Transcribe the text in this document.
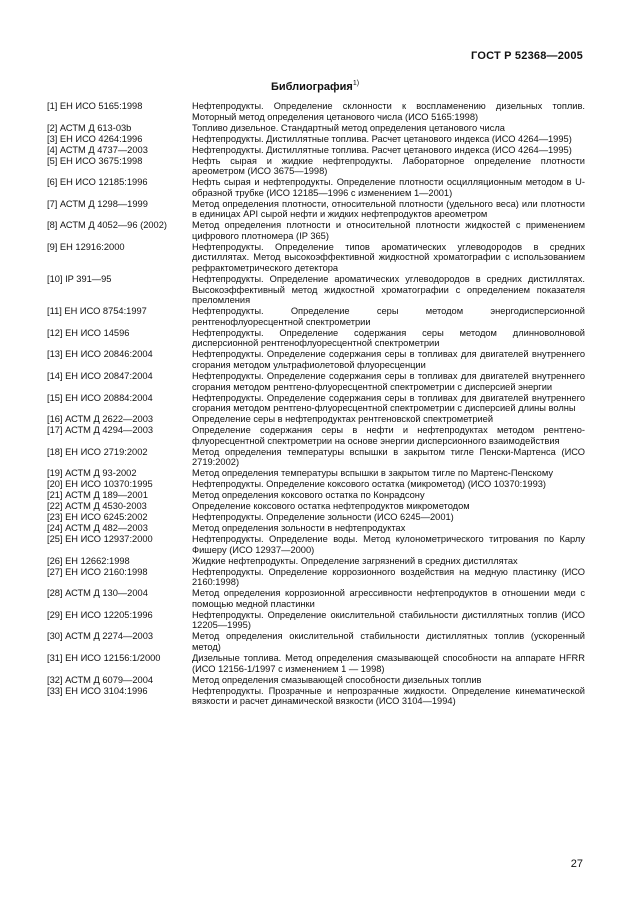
ГОСТ Р 52368—2005
Библиография$^{1)}$
[1] ЕН ИСО 5165:1998	Нефтепродукты. Определение склонности к воспламенению дизельных топлив. Моторный метод определения цетанового числа (ИСО 5165:1998)
[2] АСТМ Д 613-03b	Топливо дизельное. Стандартный метод определения цетанового числа
[3] ЕН ИСО 4264:1996	Нефтепродукты. Дистиллятные топлива. Расчет цетанового индекса (ИСО 4264—1995)
[4] АСТМ Д 4737—2003	Нефтепродукты. Дистиллятные топлива. Расчет цетанового индекса (ИСО 4264—1995)
[5] ЕН ИСО 3675:1998	Нефть сырая и жидкие нефтепродукты. Лабораторное определение плотности ареометром (ИСО 3675—1998)
[6] ЕН ИСО 12185:1996	Нефть сырая и нефтепродукты. Определение плотности осцилляционным методом в U-образной трубке (ИСО 12185—1996 с изменением 1—2001)
[7] АСТМ Д 1298—1999	Метод определения плотности, относительной плотности (удельного веса) или плотности в единицах API сырой нефти и жидких нефтепродуктов ареометром
[8] АСТМ Д 4052—96 (2002)	Метод определения плотности и относительной плотности жидкостей с применением цифрового плотномера (IP 365)
[9] ЕН 12916:2000	Нефтепродукты. Определение типов ароматических углеводородов в средних дистиллятах. Метод высокоэффективной жидкостной хроматографии с использованием рефрактометрического детектора
[10] IP 391—95	Нефтепродукты. Определение ароматических углеводородов в средних дистиллятах. Высокоэффективный метод жидкостной хроматографии с определением показателя преломления
[11] ЕН ИСО 8754:1997	Нефтепродукты. Определение серы методом энергодисперсионной рентгенофлуоресцентной спектрометрии
[12] ЕН ИСО 14596	Нефтепродукты. Определение содержания серы методом длинноволновой дисперсионной рентгенофлуоресцентной спектрометрии
[13] ЕН ИСО 20846:2004	Нефтепродукты. Определение содержания серы в топливах для двигателей внутреннего сгорания методом ультрафиолетовой флуоресценции
[14] ЕН ИСО 20847:2004	Нефтепродукты. Определение содержания серы в топливах для двигателей внутреннего сгорания методом рентгено-флуоресцентной спектрометрии с дисперсией энергии
[15] ЕН ИСО 20884:2004	Нефтепродукты. Определение содержания серы в топливах для двигателей внутреннего сгорания методом рентгено-флуоресцентной спектрометрии с дисперсией длины волны
[16] АСТМ Д 2622—2003	Определение серы в нефтепродуктах рентгеновской спектрометрией
[17] АСТМ Д 4294—2003	Определение содержания серы в нефти и нефтепродуктах методом рентгено-флуоресцентной спектрометрии на основе энергии дисперсионного взаимодействия
[18] ЕН ИСО 2719:2002	Метод определения температуры вспышки в закрытом тигле Пенски-Мартенса (ИСО 2719:2002)
[19] АСТМ Д 93-2002	Метод определения температуры вспышки в закрытом тигле по Мартенс-Пенскому
[20] ЕН ИСО 10370:1995	Нефтепродукты. Определение коксового остатка (микрометод) (ИСО 10370:1993)
[21] АСТМ Д 189—2001	Метод определения коксового остатка по Конрадсону
[22] АСТМ Д 4530-2003	Определение коксового остатка нефтепродуктов микрометодом
[23] ЕН ИСО 6245:2002	Нефтепродукты. Определение зольности (ИСО 6245—2001)
[24] АСТМ Д 482—2003	Метод определения зольности в нефтепродуктах
[25] ЕН ИСО 12937:2000	Нефтепродукты. Определение воды. Метод кулонометрического титрования по Карлу Фишеру (ИСО 12937—2000)
[26] ЕН 12662:1998	Жидкие нефтепродукты. Определение загрязнений в средних дистиллятах
[27] ЕН ИСО 2160:1998	Нефтепродукты. Определение коррозионного воздействия на медную пластинку (ИСО 2160:1998)
[28] АСТМ Д 130—2004	Метод определения коррозионной агрессивности нефтепродуктов в отношении меди с помощью медной пластинки
[29] ЕН ИСО 12205:1996	Нефтепродукты. Определение окислительной стабильности дистиллятных топлив (ИСО 12205—1995)
[30] АСТМ Д 2274—2003	Метод определения окислительной стабильности дистиллятных топлив (ускоренный метод)
[31] ЕН ИСО 12156:1/2000	Дизельные топлива. Метод определения смазывающей способности на аппарате HFRR (ИСО 12156-1/1997 с изменением 1 — 1998)
[32] АСТМ Д 6079—2004	Метод определения смазывающей способности дизельных топлив
[33] ЕН ИСО 3104:1996	Нефтепродукты. Прозрачные и непрозрачные жидкости. Определение кинематической вязкости и расчет динамической вязкости (ИСО 3104—1994)
27
